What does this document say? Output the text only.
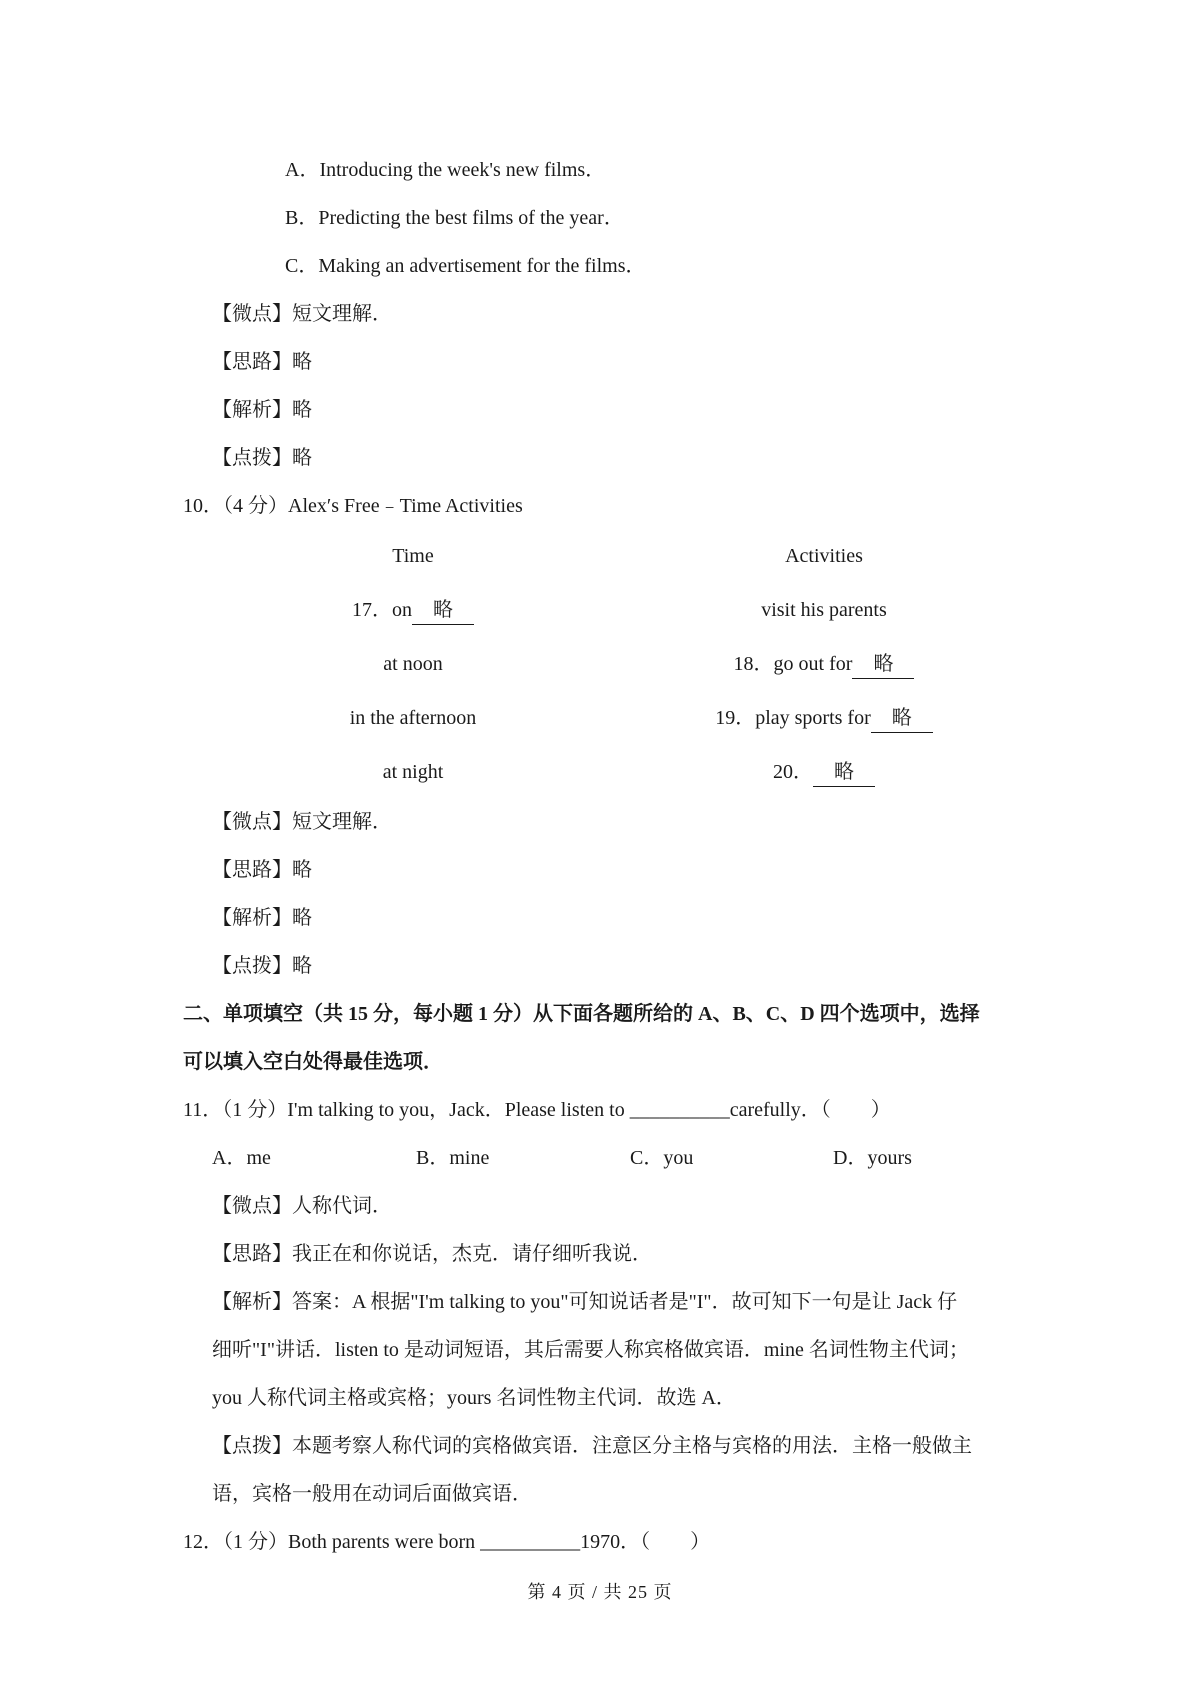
A．Introducing the week's new films．
B．Predicting the best films of the year．
C．Making an advertisement for the films．
【微点】短文理解．
【思路】略
【解析】略
【点拨】略
10．（4 分）Alex′s Free﹣Time Activities
Time	Activities
17．on 略	visit his parents
at noon	18．go out for 略
in the afternoon	19．play sports for 略
at night	20． 略
【微点】短文理解．
【思路】略
【解析】略
【点拨】略
二、单项填空（共 15 分，每小题 1 分）从下面各题所给的 A、B、C、D 四个选项中，选择
可以填入空白处得最佳选项．
11．（1 分）I'm talking to you，Jack．Please listen to __________carefully．（　　）
A．me	B．mine	C．you	D．yours
【微点】人称代词．
【思路】我正在和你说话，杰克．请仔细听我说．
【解析】答案：A 根据"I'm talking to you"可知说话者是"I"．故可知下一句是让 Jack 仔
细听"I"讲话．listen to 是动词短语，其后需要人称宾格做宾语．mine 名词性物主代词；
you 人称代词主格或宾格；yours 名词性物主代词．故选 A．
【点拨】本题考察人称代词的宾格做宾语．注意区分主格与宾格的用法．主格一般做主
语，宾格一般用在动词后面做宾语．
12．（1 分）Both parents were born __________1970．（　　）
第 4 页 / 共 25 页
